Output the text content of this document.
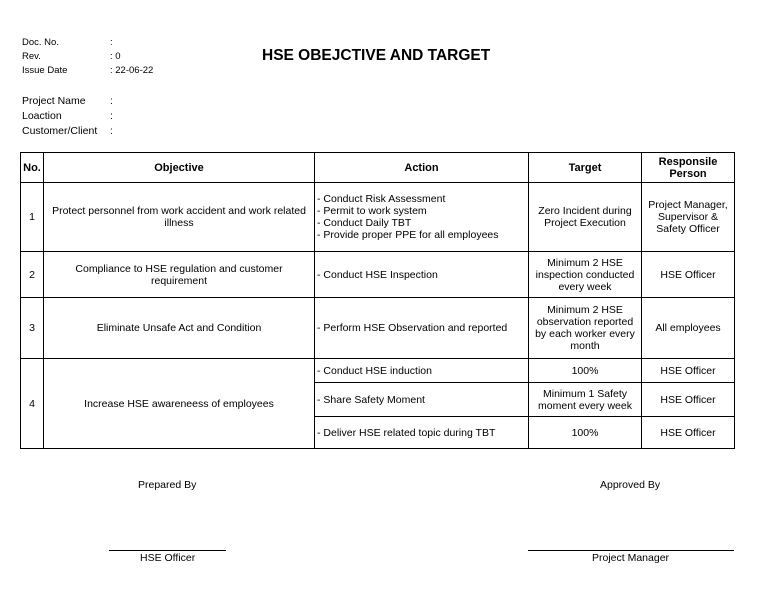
Doc. No.	:
Rev.	: 0
Issue Date	: 22-06-22
HSE OBEJCTIVE AND TARGET
Project Name :
Loaction	:
Customer/Client :
No.	Objective	Action	Target	Responsile Person
1	Protect personnel from work accident and work related illness	- Conduct Risk Assessment
- Permit to work system
- Conduct Daily TBT
- Provide proper PPE for all employees	Zero Incident during Project Execution	Project Manager, Supervisor & Safety Officer
2	Compliance to HSE regulation and customer requirement	- Conduct HSE Inspection	Minimum 2 HSE inspection conducted every week	HSE Officer
3	Eliminate Unsafe Act and Condition	- Perform HSE Observation and reported	Minimum 2 HSE observation reported by each worker every month	All employees
4	Increase HSE awareneess of employees	- Conduct HSE induction	100%	HSE Officer

		- Share Safety Moment	Minimum 1 Safety moment every week	HSE Officer

		- Deliver HSE related topic during TBT	100%	HSE Officer
Prepared By	Approved By
HSE Officer	Project Manager
